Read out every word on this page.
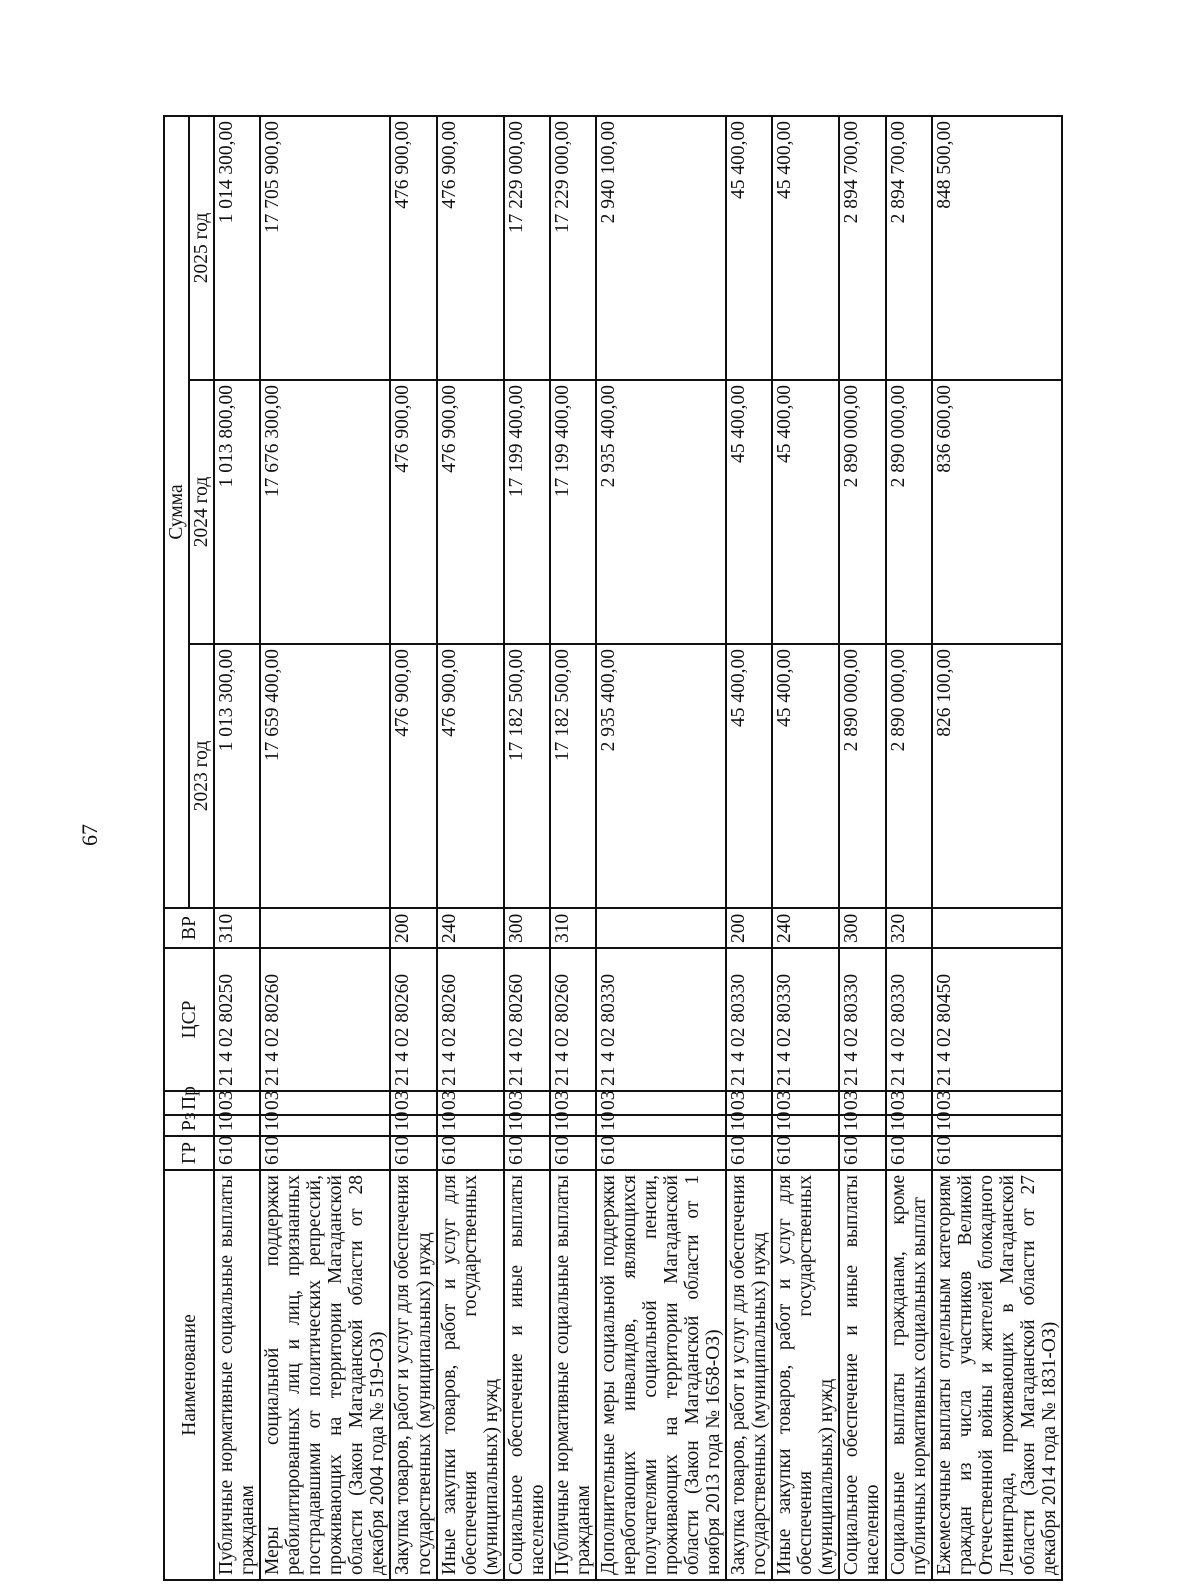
67
Наименование	ГР	Рз	Пр	ЦСР	ВР	Сумма		
						2023 год	2024 год	2025 год
Публичные нормативные социальные выплаты гражданам	610	10	03	21 4 02 80250	310	1 013 300,00	1 013 800,00	1 014 300,00
Меры социальной поддержки реабилитированных лиц и лиц, признанных пострадавшими от политических репрессий, проживающих на территории Магаданской области (Закон Магаданской области от 28 декабря 2004 года № 519-ОЗ)	610	10	03	21 4 02 80260		17 659 400,00	17 676 300,00	17 705 900,00
Закупка товаров, работ и услуг для обеспечения государственных (муниципальных) нужд	610	10	03	21 4 02 80260	200	476 900,00	476 900,00	476 900,00
Иные закупки товаров, работ и услуг для обеспечения государственных (муниципальных) нужд	610	10	03	21 4 02 80260	240	476 900,00	476 900,00	476 900,00
Социальное обеспечение и иные выплаты населению	610	10	03	21 4 02 80260	300	17 182 500,00	17 199 400,00	17 229 000,00
Публичные нормативные социальные выплаты гражданам	610	10	03	21 4 02 80260	310	17 182 500,00	17 199 400,00	17 229 000,00
Дополнительные меры социальной поддержки неработающих инвалидов, являющихся получателями социальной пенсии, проживающих на территории Магаданской области (Закон Магаданской области от 1 ноября 2013 года № 1658-ОЗ)	610	10	03	21 4 02 80330		2 935 400,00	2 935 400,00	2 940 100,00
Закупка товаров, работ и услуг для обеспечения государственных (муниципальных) нужд	610	10	03	21 4 02 80330	200	45 400,00	45 400,00	45 400,00
Иные закупки товаров, работ и услуг для обеспечения государственных (муниципальных) нужд	610	10	03	21 4 02 80330	240	45 400,00	45 400,00	45 400,00
Социальное обеспечение и иные выплаты населению	610	10	03	21 4 02 80330	300	2 890 000,00	2 890 000,00	2 894 700,00
Социальные выплаты гражданам, кроме публичных нормативных социальных выплат	610	10	03	21 4 02 80330	320	2 890 000,00	2 890 000,00	2 894 700,00
Ежемесячные выплаты отдельным категориям граждан из числа участников Великой Отечественной войны и жителей блокадного Ленинграда, проживающих в Магаданской области (Закон Магаданской области от 27 декабря 2014 года № 1831-ОЗ)	610	10	03	21 4 02 80450		826 100,00	836 600,00	848 500,00
